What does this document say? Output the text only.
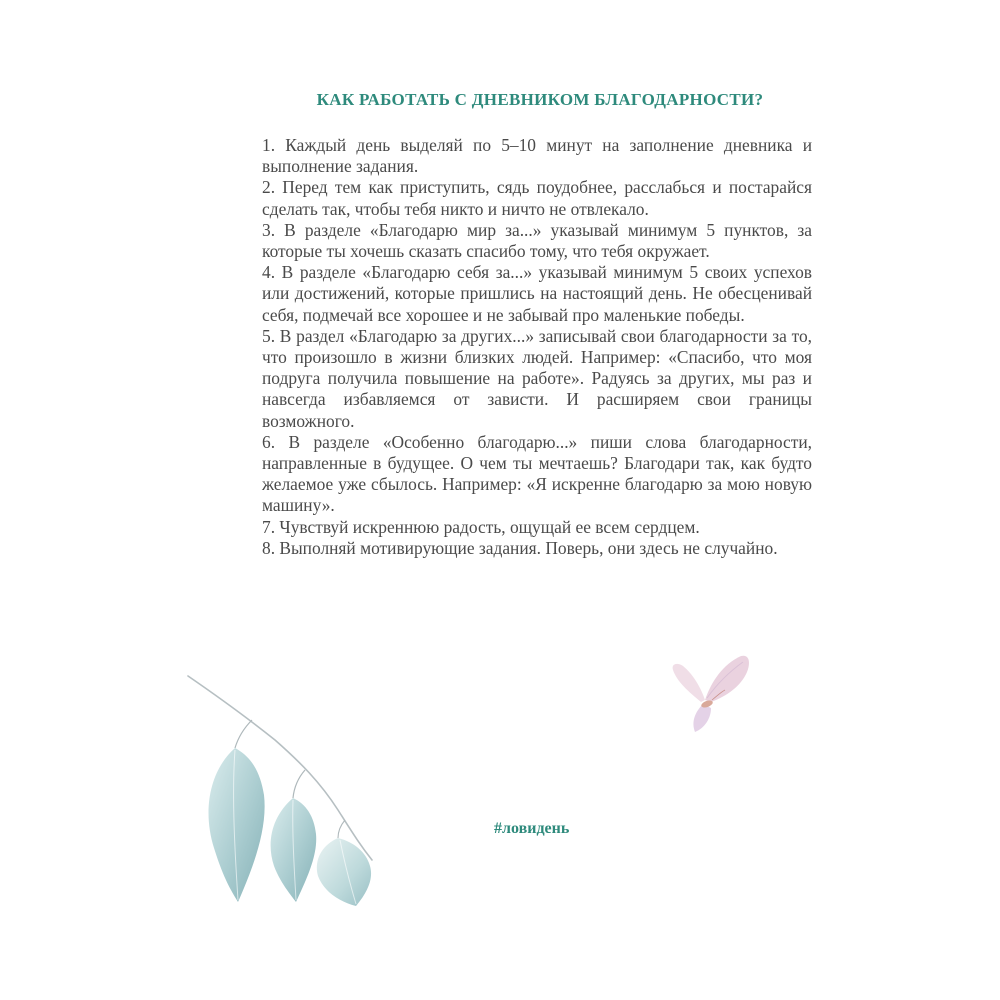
КАК РАБОТАТЬ С ДНЕВНИКОМ БЛАГОДАРНОСТИ?
1. Каждый день выделяй по 5–10 минут на заполнение дневника и выполнение задания.
2. Перед тем как приступить, сядь поудобнее, расслабься и постарайся сделать так, чтобы тебя никто и ничто не отвлекало.
3. В разделе «Благодарю мир за...» указывай минимум 5 пунктов, за которые ты хочешь сказать спасибо тому, что тебя окружает.
4. В разделе «Благодарю себя за...» указывай минимум 5 своих успехов или достижений, которые пришлись на настоящий день. Не обесценивай себя, подмечай все хорошее и не забывай про маленькие победы.
5. В раздел «Благодарю за других...» записывай свои благодарности за то, что произошло в жизни близких людей. Например: «Спасибо, что моя подруга получила повышение на работе». Радуясь за других, мы раз и навсегда избавляемся от зависти. И расширяем свои границы возможного.
6. В разделе «Особенно благодарю...» пиши слова благодарности, направленные в будущее. О чем ты мечтаешь? Благодари так, как будто желаемое уже сбылось. Например: «Я искренне благодарю за мою новую машину».
7. Чувствуй искреннюю радость, ощущай ее всем сердцем.
8. Выполняй мотивирующие задания. Поверь, они здесь не случайно.
#ловидень
